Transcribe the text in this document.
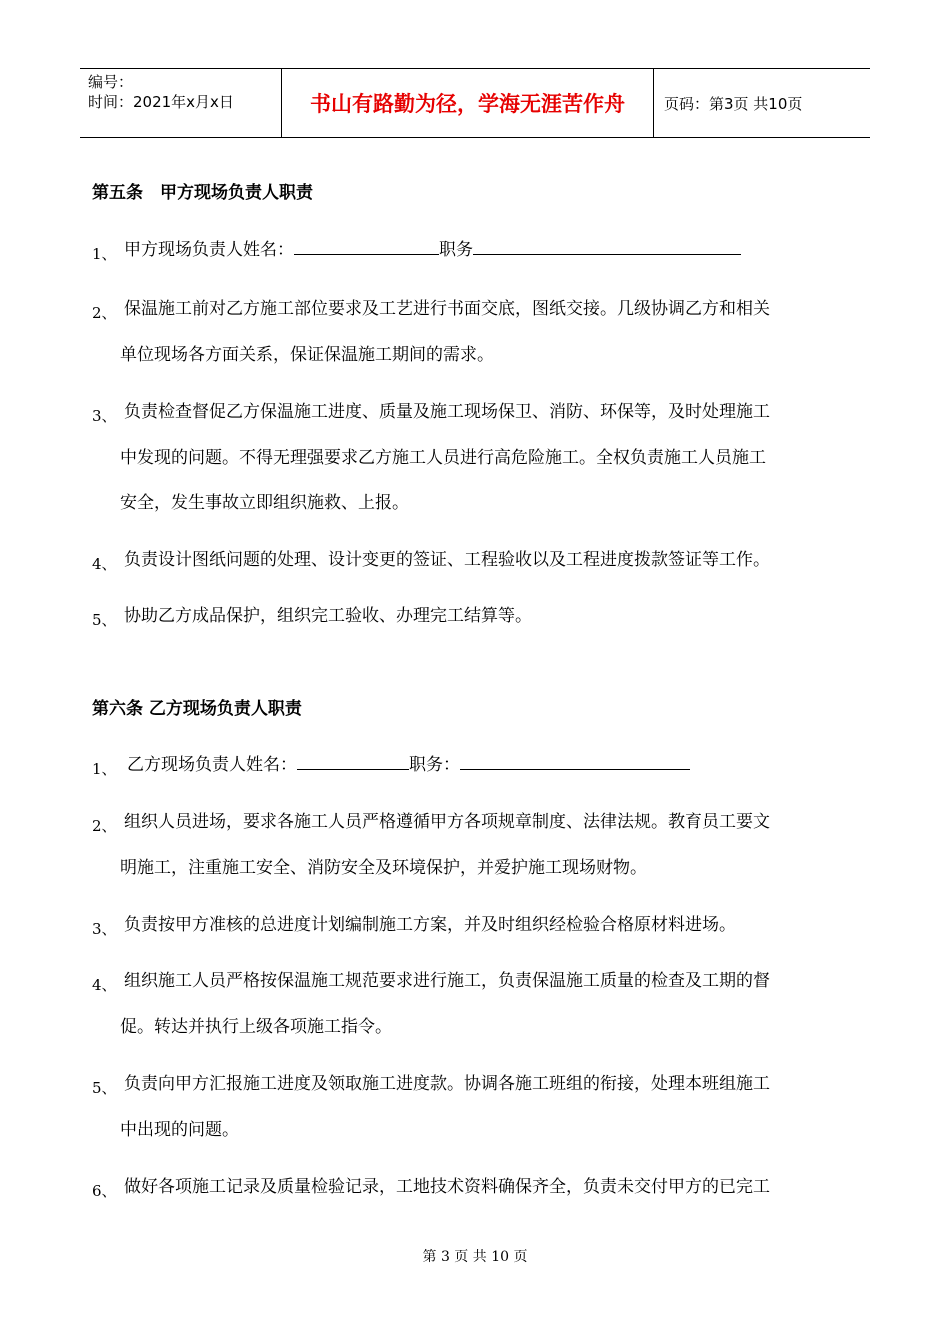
编号：
时间：2021年x月x日	书山有路勤为径，学海无涯苦作舟	页码：第3页 共10页
第五条　甲方现场负责人职责
1、 甲方现场负责人姓名：	职务
2、 保温施工前对乙方施工部位要求及工艺进行书面交底，图纸交接。几级协调乙方和相关
单位现场各方面关系，保证保温施工期间的需求。
3、 负责检查督促乙方保温施工进度、质量及施工现场保卫、消防、环保等，及时处理施工
中发现的问题。不得无理强要求乙方施工人员进行高危险施工。全权负责施工人员施工
安全，发生事故立即组织施救、上报。
4、 负责设计图纸问题的处理、设计变更的签证、工程验收以及工程进度拨款签证等工作。
5、 协助乙方成品保护，组织完工验收、办理完工结算等。
第六条 乙方现场负责人职责
1、 乙方现场负责人姓名：	职务：
2、 组织人员进场，要求各施工人员严格遵循甲方各项规章制度、法律法规。教育员工要文
明施工，注重施工安全、消防安全及环境保护，并爱护施工现场财物。
3、 负责按甲方准核的总进度计划编制施工方案，并及时组织经检验合格原材料进场。
4、 组织施工人员严格按保温施工规范要求进行施工，负责保温施工质量的检查及工期的督
促。转达并执行上级各项施工指令。
5、 负责向甲方汇报施工进度及领取施工进度款。协调各施工班组的衔接，处理本班组施工
中出现的问题。
6、 做好各项施工记录及质量检验记录，工地技术资料确保齐全，负责未交付甲方的已完工
第 3 页 共 10 页
